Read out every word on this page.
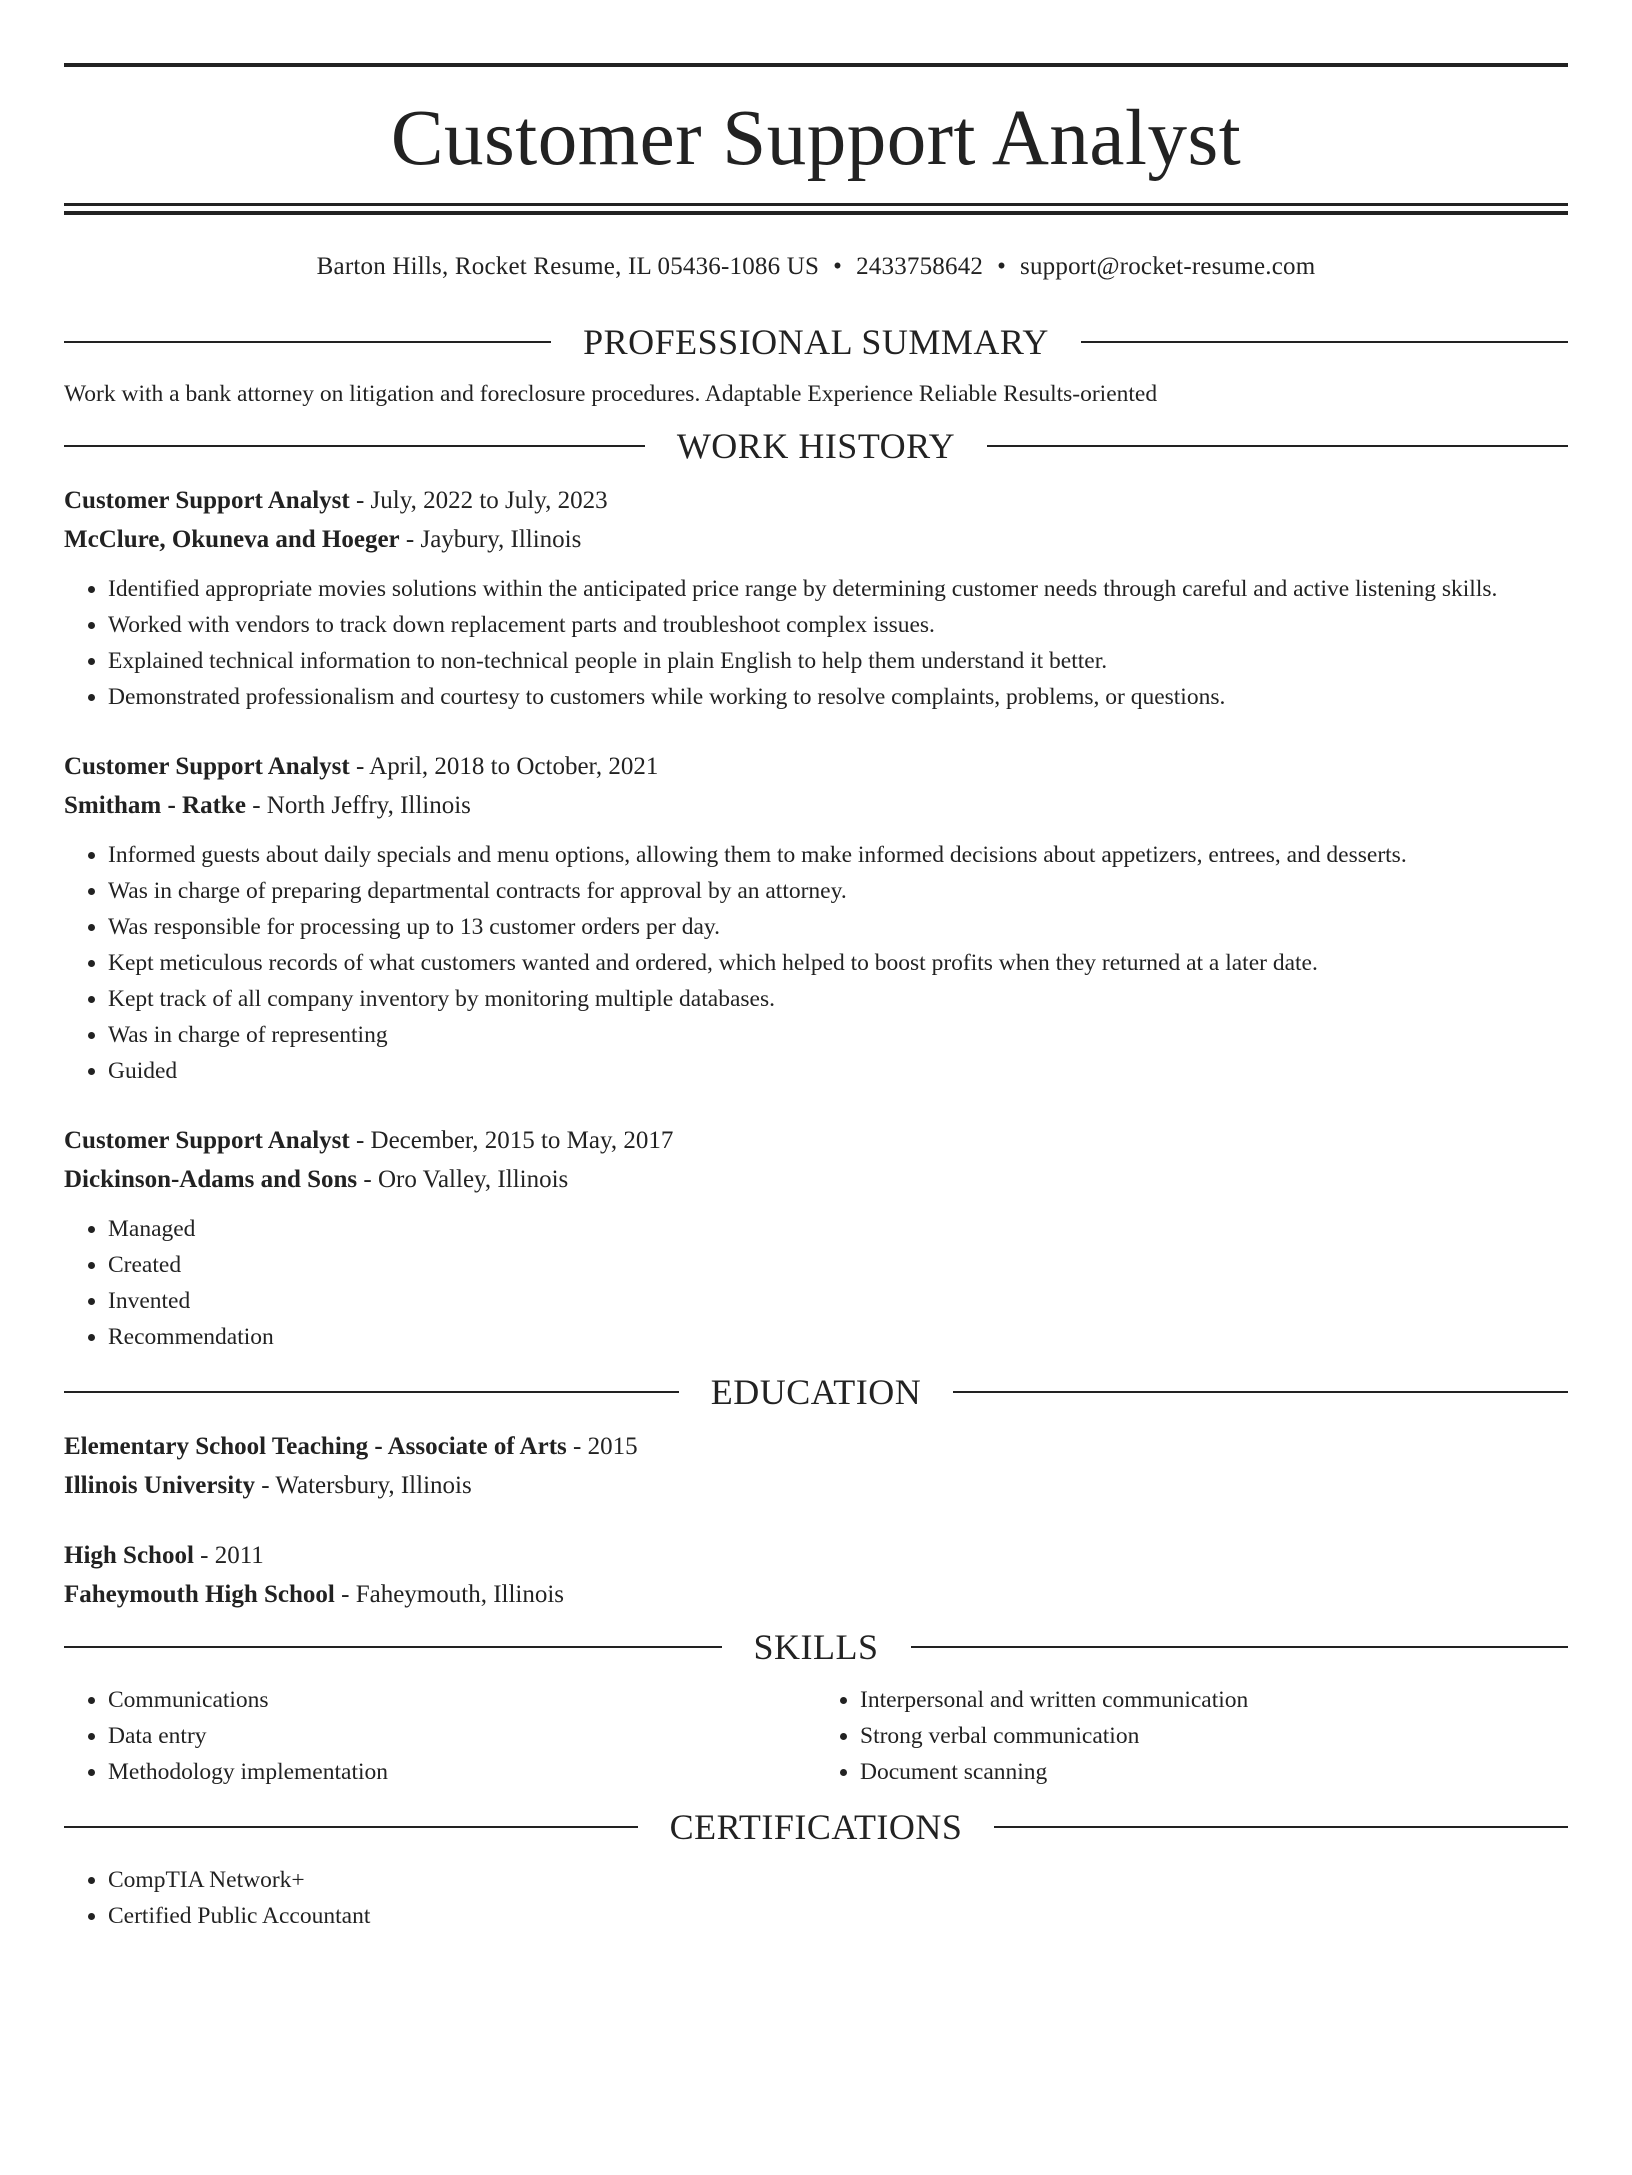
Customer Support Analyst
Barton Hills, Rocket Resume, IL 05436-1086 US • 2433758642 • support@rocket-resume.com
PROFESSIONAL SUMMARY
Work with a bank attorney on litigation and foreclosure procedures. Adaptable Experience Reliable Results-oriented
WORK HISTORY
Customer Support Analyst - July, 2022 to July, 2023
McClure, Okuneva and Hoeger - Jaybury, Illinois
• Identified appropriate movies solutions within the anticipated price range by determining customer needs through careful and active listening skills.
• Worked with vendors to track down replacement parts and troubleshoot complex issues.
• Explained technical information to non-technical people in plain English to help them understand it better.
• Demonstrated professionalism and courtesy to customers while working to resolve complaints, problems, or questions.
Customer Support Analyst - April, 2018 to October, 2021
Smitham - Ratke - North Jeffry, Illinois
• Informed guests about daily specials and menu options, allowing them to make informed decisions about appetizers, entrees, and desserts.
• Was in charge of preparing departmental contracts for approval by an attorney.
• Was responsible for processing up to 13 customer orders per day.
• Kept meticulous records of what customers wanted and ordered, which helped to boost profits when they returned at a later date.
• Kept track of all company inventory by monitoring multiple databases.
• Was in charge of representing
• Guided
Customer Support Analyst - December, 2015 to May, 2017
Dickinson-Adams and Sons - Oro Valley, Illinois
• Managed
• Created
• Invented
• Recommendation
EDUCATION
Elementary School Teaching - Associate of Arts - 2015
Illinois University - Watersbury, Illinois
High School - 2011
Faheymouth High School - Faheymouth, Illinois
SKILLS
• Communications
• Data entry
• Methodology implementation
• Interpersonal and written communication
• Strong verbal communication
• Document scanning
CERTIFICATIONS
• CompTIA Network+
• Certified Public Accountant
